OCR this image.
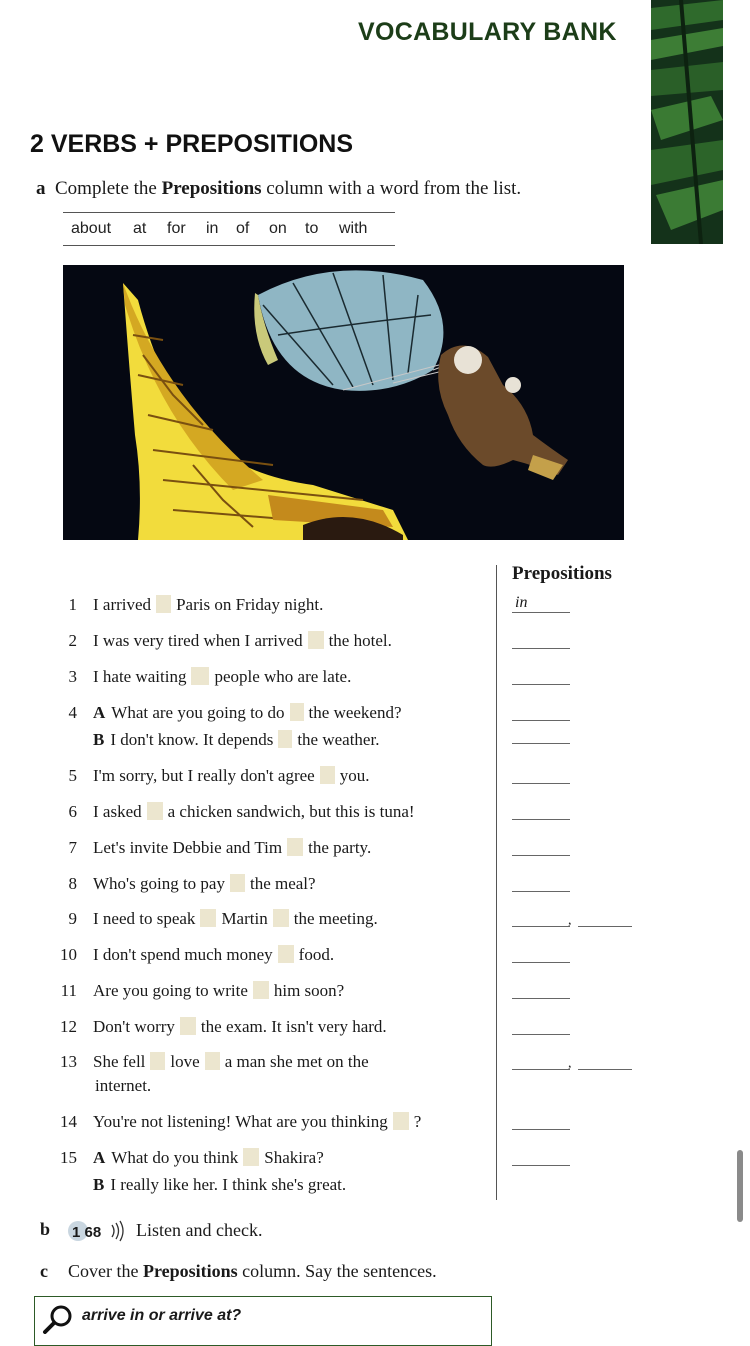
VOCABULARY BANK
2 VERBS + PREPOSITIONS
a Complete the Prepositions column with a word from the list.
about at for in of on to with
Prepositions
1 I arrived Paris on Friday night.	in
2 I was very tired when I arrived the hotel.
3 I hate waiting people who are late.
4 A What are you going to do the weekend?
B I don't know. It depends the weather.
5 I'm sorry, but I really don't agree you.
6 I asked a chicken sandwich, but this is tuna!
7 Let's invite Debbie and Tim the party.
8 Who's going to pay the meal?
9 I need to speak Martin the meeting.	,
10 I don't spend much money food.
11 Are you going to write him soon?
12 Don't worry the exam. It isn't very hard.
13 She fell love a man she met on the
internet.
,
14 You're not listening! What are you thinking ?
15 A What do you think Shakira?
B I really like her. I think she's great.
b 1 68 Listen and check.
c Cover the Prepositions column. Say the sentences.
arrive in or arrive at?
